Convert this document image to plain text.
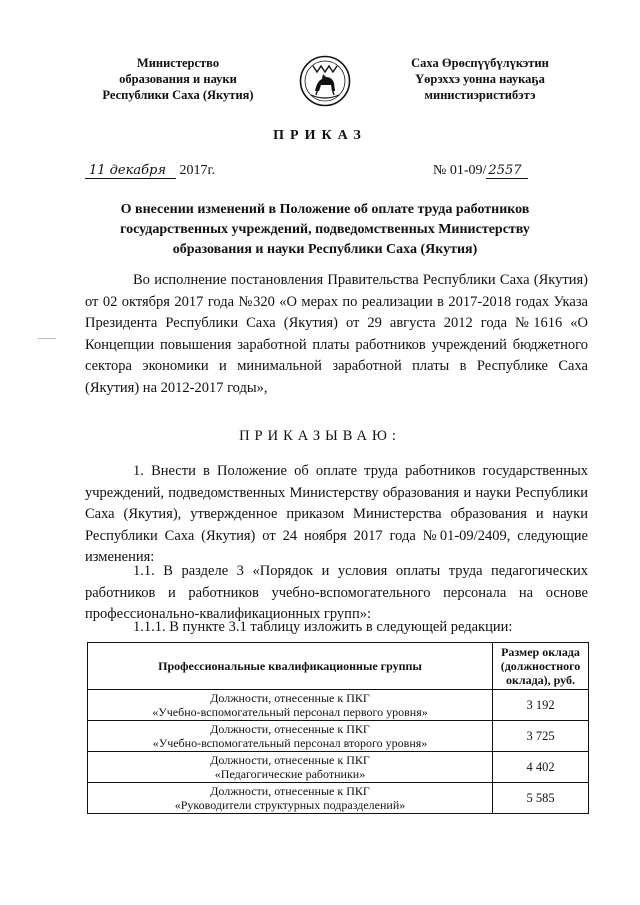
Министерство
образования и науки
Республики Саха (Якутия)
Саха Өрөспүүбүлүкэтин
Үөрэххэ уонна наукаҕа
министиэристибэтэ
ПРИКАЗ
11 декабря 2017г.	№ 01-09/ 2557
О внесении изменений в Положение об оплате труда работников государственных учреждений, подведомственных Министерству образования и науки Республики Саха (Якутия)
Во исполнение постановления Правительства Республики Саха (Якутия) от 02 октября 2017 года №320 «О мерах по реализации в 2017-2018 годах Указа Президента Республики Саха (Якутия) от 29 августа 2012 года №1616 «О Концепции повышения заработной платы работников учреждений бюджетного сектора экономики и минимальной заработной платы в Республике Саха (Якутия) на 2012-2017 годы»,
ПРИКАЗЫВАЮ:
1. Внести в Положение об оплате труда работников государственных учреждений, подведомственных Министерству образования и науки Республики Саха (Якутия), утвержденное приказом Министерства образования и науки Республики Саха (Якутия) от 24 ноября 2017 года №01-09/2409, следующие изменения:
1.1. В разделе 3 «Порядок и условия оплаты труда педагогических работников и работников учебно-вспомогательного персонала на основе профессионально-квалификационных групп»:
1.1.1. В пункте 3.1 таблицу изложить в следующей редакции:
Профессиональные квалификационные группы	Размер оклада (должностного оклада), руб.

Должности, отнесенные к ПКГ
«Учебно-вспомогательный персонал первого уровня»	3 192

Должности, отнесенные к ПКГ
«Учебно-вспомогательный персонал второго уровня»	3 725

Должности, отнесенные к ПКГ
«Педагогические работники»	4 402

Должности, отнесенные к ПКГ
«Руководители структурных подразделений»	5 585
